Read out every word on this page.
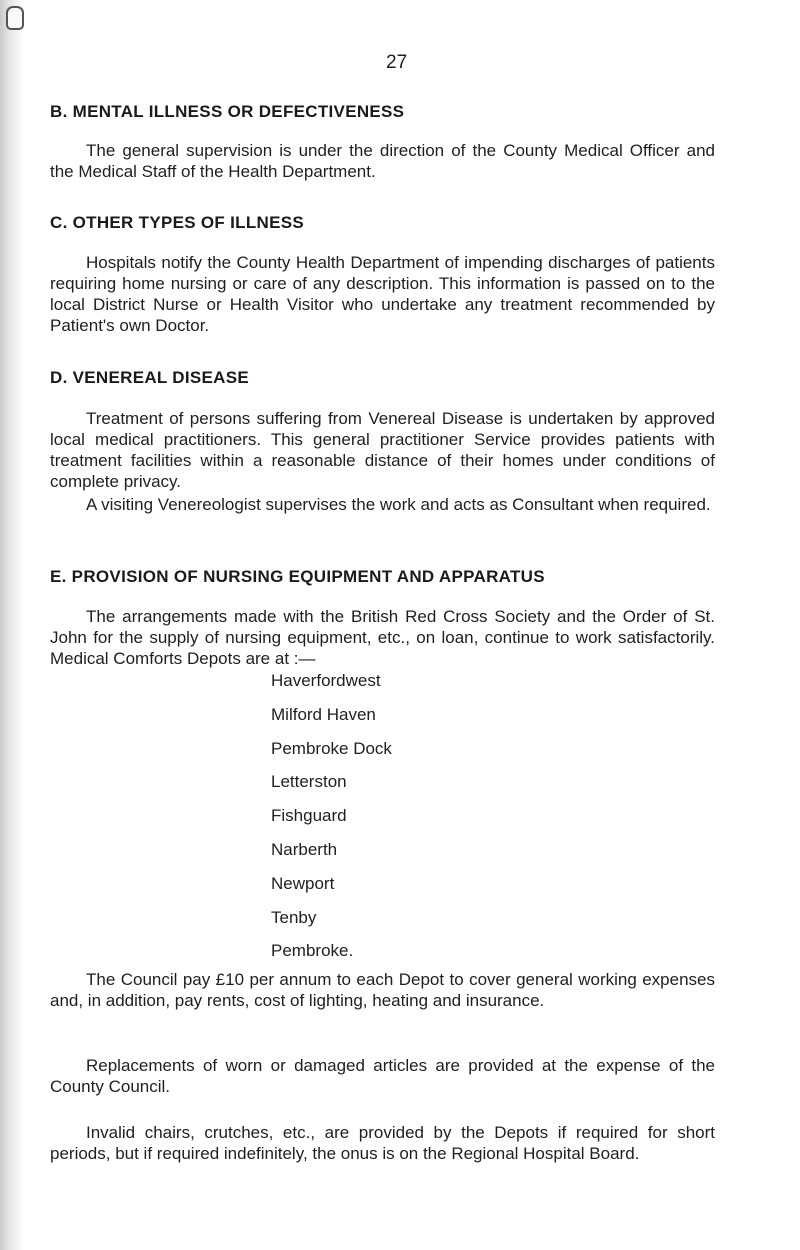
27
B. MENTAL ILLNESS OR DEFECTIVENESS
The general supervision is under the direction of the County Medical Officer and the Medical Staff of the Health Department.
C. OTHER TYPES OF ILLNESS
Hospitals notify the County Health Department of impending discharges of patients requiring home nursing or care of any description. This information is passed on to the local District Nurse or Health Visitor who undertake any treatment recommended by Patient's own Doctor.
D. VENEREAL DISEASE
Treatment of persons suffering from Venereal Disease is undertaken by approved local medical practitioners. This general practitioner Service provides patients with treatment facilities within a reasonable distance of their homes under conditions of complete privacy.
A visiting Venereologist supervises the work and acts as Consultant when required.
E. PROVISION OF NURSING EQUIPMENT AND APPARATUS
The arrangements made with the British Red Cross Society and the Order of St. John for the supply of nursing equipment, etc., on loan, continue to work satisfactorily. Medical Comforts Depots are at :—
Haverfordwest
Milford Haven
Pembroke Dock
Letterston
Fishguard
Narberth
Newport
Tenby
Pembroke.
The Council pay £10 per annum to each Depot to cover general working expenses and, in addition, pay rents, cost of lighting, heating and insurance.
Replacements of worn or damaged articles are provided at the expense of the County Council.
Invalid chairs, crutches, etc., are provided by the Depots if required for short periods, but if required indefinitely, the onus is on the Regional Hospital Board.
